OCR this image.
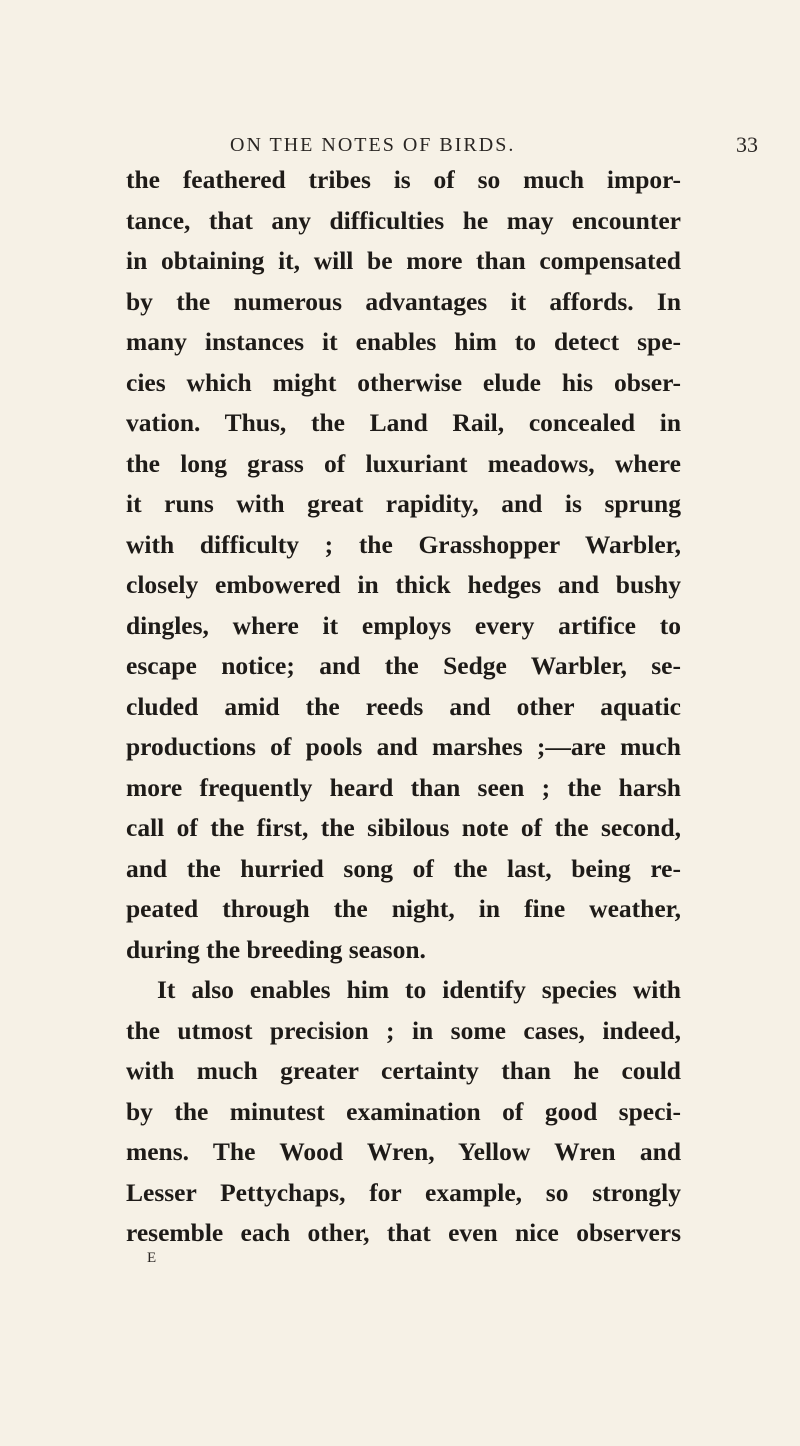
ON THE NOTES OF BIRDS.	33
the feathered tribes is of so much impor-
tance, that any difficulties he may encounter
in obtaining it, will be more than compensated
by the numerous advantages it affords. In
many instances it enables him to detect spe-
cies which might otherwise elude his obser-
vation. Thus, the Land Rail, concealed in
the long grass of luxuriant meadows, where
it runs with great rapidity, and is sprung
with difficulty ; the Grasshopper Warbler,
closely embowered in thick hedges and bushy
dingles, where it employs every artifice to
escape notice; and the Sedge Warbler, se-
cluded amid the reeds and other aquatic
productions of pools and marshes ;—are much
more frequently heard than seen ; the harsh
call of the first, the sibilous note of the second,
and the hurried song of the last, being re-
peated through the night, in fine weather,
during the breeding season.
It also enables him to identify species with
the utmost precision ; in some cases, indeed,
with much greater certainty than he could
by the minutest examination of good speci-
mens. The Wood Wren, Yellow Wren and
Lesser Pettychaps, for example, so strongly
resemble each other, that even nice observers
E
